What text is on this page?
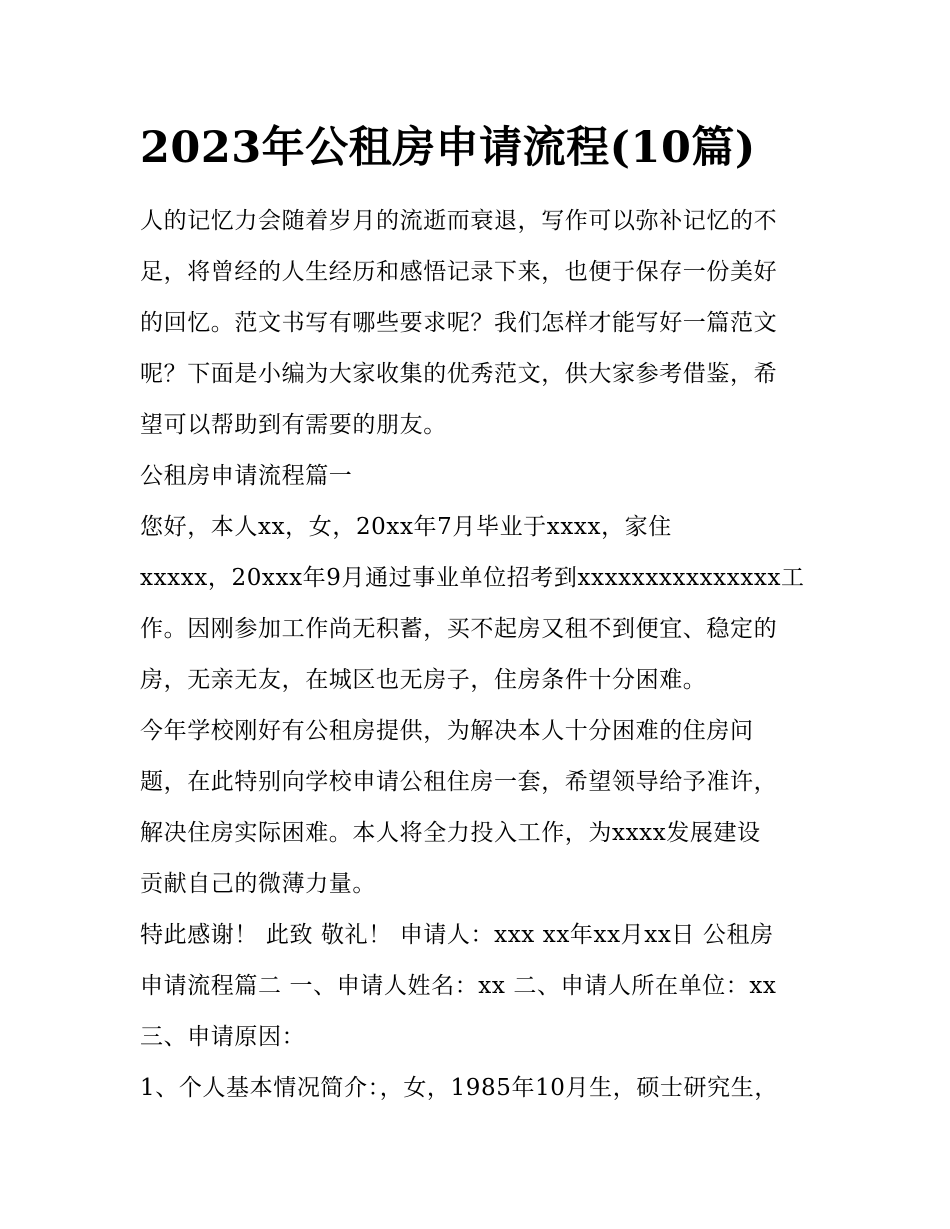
2023年公租房申请流程(10篇)
人的记忆力会随着岁月的流逝而衰退，写作可以弥补记忆的不
足，将曾经的人生经历和感悟记录下来，也便于保存一份美好
的回忆。范文书写有哪些要求呢？我们怎样才能写好一篇范文
呢？下面是小编为大家收集的优秀范文，供大家参考借鉴，希
望可以帮助到有需要的朋友。
公租房申请流程篇一
您好，本人xx，女，20xx年7月毕业于xxxx，家住
xxxxx，20xxx年9月通过事业单位招考到xxxxxxxxxxxxxxx工
作。因刚参加工作尚无积蓄，买不起房又租不到便宜、稳定的
房，无亲无友，在城区也无房子，住房条件十分困难。
今年学校刚好有公租房提供，为解决本人十分困难的住房问
题，在此特别向学校申请公租住房一套，希望领导给予准许，
解决住房实际困难。本人将全力投入工作，为xxxx发展建设
贡献自己的微薄力量。
特此感谢！ 此致 敬礼！ 申请人：xxx xx年xx月xx日 公租房
申请流程篇二 一、申请人姓名：xx 二、申请人所在单位：xx
三、申请原因：
1、个人基本情况简介：，女，1985年10月生，硕士研究生，
